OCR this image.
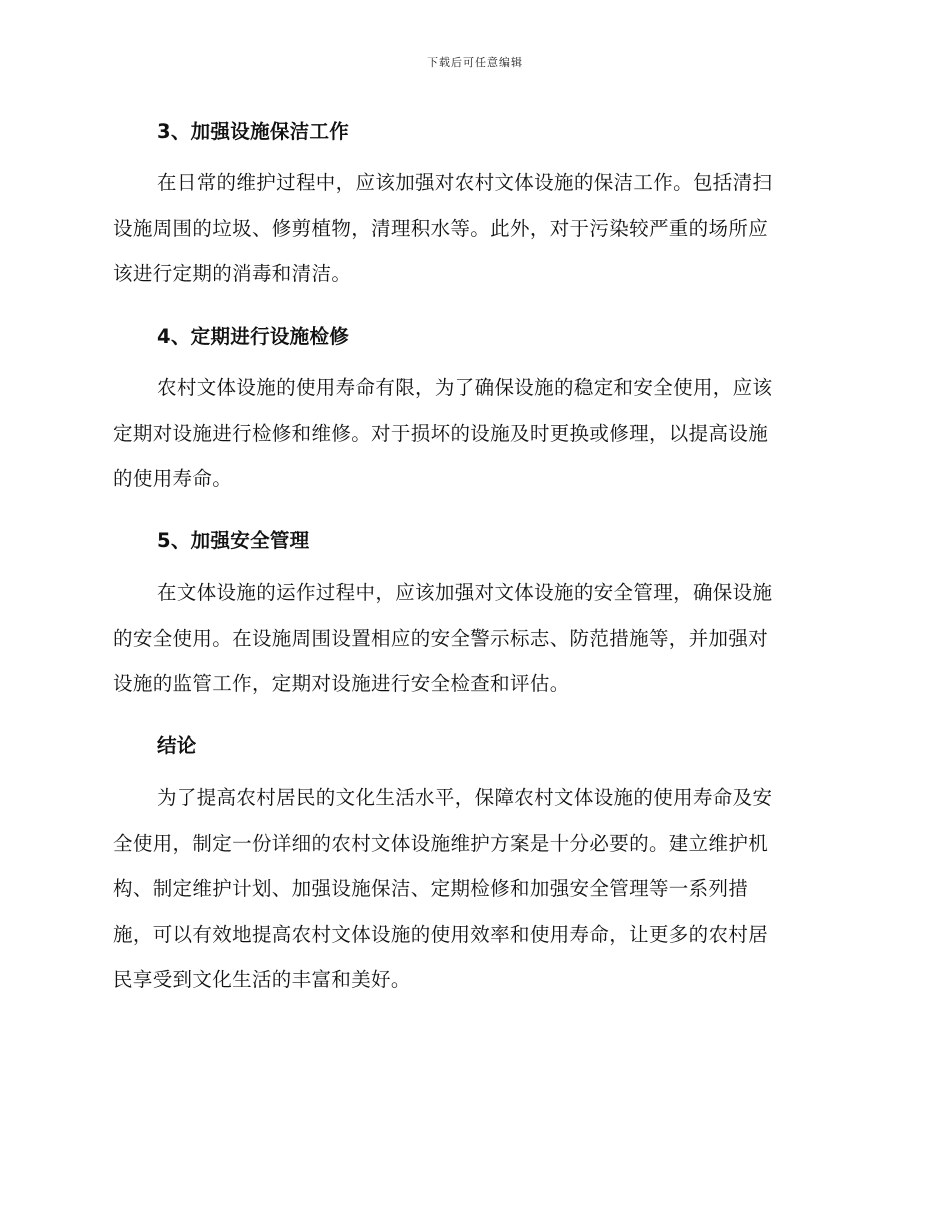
下载后可任意编辑
3、加强设施保洁工作
在日常的维护过程中，应该加强对农村文体设施的保洁工作。包括清扫
设施周围的垃圾、修剪植物，清理积水等。此外，对于污染较严重的场所应
该进行定期的消毒和清洁。
4、定期进行设施检修
农村文体设施的使用寿命有限，为了确保设施的稳定和安全使用，应该
定期对设施进行检修和维修。对于损坏的设施及时更换或修理，以提高设施
的使用寿命。
5、加强安全管理
在文体设施的运作过程中，应该加强对文体设施的安全管理，确保设施
的安全使用。在设施周围设置相应的安全警示标志、防范措施等，并加强对
设施的监管工作，定期对设施进行安全检查和评估。
结论
为了提高农村居民的文化生活水平，保障农村文体设施的使用寿命及安
全使用，制定一份详细的农村文体设施维护方案是十分必要的。建立维护机
构、制定维护计划、加强设施保洁、定期检修和加强安全管理等一系列措
施，可以有效地提高农村文体设施的使用效率和使用寿命，让更多的农村居
民享受到文化生活的丰富和美好。
